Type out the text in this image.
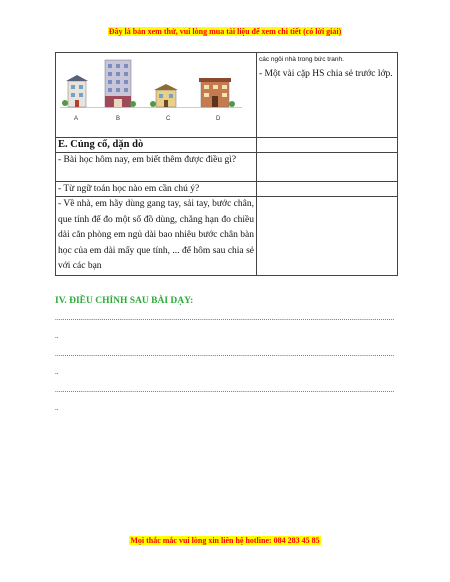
Đây là bản xem thử, vui lòng mua tài liệu để xem chi tiết (có lời giải)
A B C D	các ngôi nhà trong bức tranh.
- Một vài cặp HS chia sẻ trước lớp.

E. Củng cố, dặn dò	
- Bài học hôm nay, em biết thêm được điều gì?	
- Từ ngữ toán học nào em cần chú ý?	
- Về nhà, em hãy dùng gang tay, sải tay, bước chân, que tính để đo một số đồ dùng, chẳng hạn đo chiều dài căn phòng em ngủ dài bao nhiêu bước chân bàn học của em dài mấy que tính, ... để hôm sau chia sẻ với các bạn	
IV. ĐIỀU CHỈNH SAU BÀI DẠY:
..............................................................................................................................................................................
..
..............................................................................................................................................................................
..
..............................................................................................................................................................................
..
Mọi thắc mắc vui lòng xin liên hệ hotline: 084 283 45 85
